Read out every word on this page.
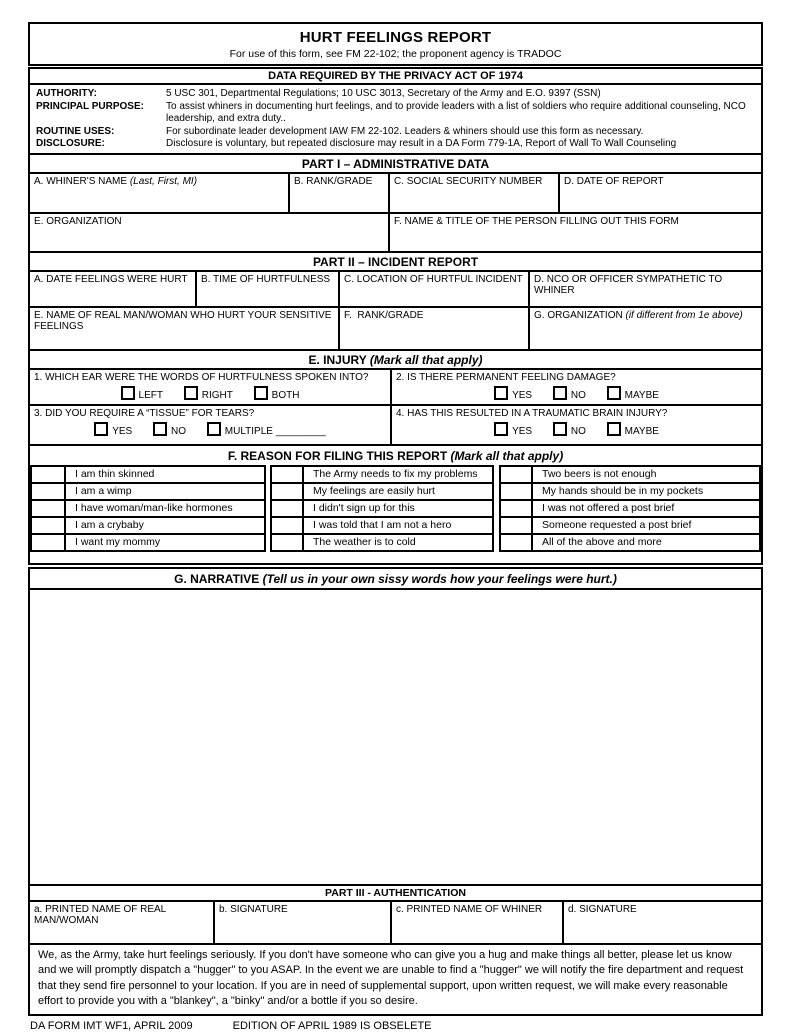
HURT FEELINGS REPORT
For use of this form, see FM 22-102; the proponent agency is TRADOC
DATA REQUIRED BY THE PRIVACY ACT OF 1974
AUTHORITY:	5 USC 301, Departmental Regulations; 10 USC 3013, Secretary of the Army and E.O. 9397 (SSN)
PRINCIPAL PURPOSE:	To assist whiners in documenting hurt feelings, and to provide leaders with a list of soldiers who require additional counseling, NCO leadership, and extra duty..
ROUTINE USES:	For subordinate leader development IAW FM 22-102. Leaders & whiners should use this form as necessary.
DISCLOSURE:	Disclosure is voluntary, but repeated disclosure may result in a DA Form 779-1A, Report of Wall To Wall Counseling
PART I – ADMINISTRATIVE DATA
A. WHINER'S NAME (Last, First, MI)	B. RANK/GRADE	C. SOCIAL SECURITY NUMBER	D. DATE OF REPORT
E. ORGANIZATION	F. NAME & TITLE OF THE PERSON FILLING OUT THIS FORM
PART II – INCIDENT REPORT
A. DATE FEELINGS WERE HURT	B. TIME OF HURTFULNESS	C. LOCATION OF HURTFUL INCIDENT	D. NCO OR OFFICER SYMPATHETIC TO WHINER
E. NAME OF REAL MAN/WOMAN WHO HURT YOUR SENSITIVE FEELINGS
F.  RANK/GRADE	G. ORGANIZATION (if different from 1e above)
E. INJURY (Mark all that apply)
1. WHICH EAR WERE THE WORDS OF HURTFULNESS SPOKEN INTO?
LEFT	RIGHT	BOTH
2. IS THERE PERMANENT FEELING DAMAGE?
YES	NO	MAYBE
3. DID YOU REQUIRE A “TISSUE” FOR TEARS?
YES	NO	MULTIPLE _________
4. HAS THIS RESULTED IN A TRAUMATIC BRAIN INJURY?
YES	NO	MAYBE
F. REASON FOR FILING THIS REPORT (Mark all that apply)
I am thin skinned	The Army needs to fix my problems	Two beers is not enough
I am a wimp	My feelings are easily hurt	My hands should be in my pockets
I have woman/man-like hormones	I didn't sign up for this	I was not offered a post brief
I am a crybaby	I was told that I am not a hero	Someone requested a post brief
I want my mommy	The weather is to cold	All of the above and more
G. NARRATIVE (Tell us in your own sissy words how your feelings were hurt.)
PART III - AUTHENTICATION
a. PRINTED NAME OF REAL MAN/WOMAN
b. SIGNATURE	c. PRINTED NAME OF WHINER	d. SIGNATURE
We, as the Army, take hurt feelings seriously. If you don't have someone who can give you a hug and make things all better, please let us know and we will promptly dispatch a "hugger" to you ASAP. In the event we are unable to find a "hugger" we will notify the fire department and request that they send fire personnel to your location. If you are in need of supplemental support, upon written request, we will make every reasonable effort to provide you with a "blankey", a "binky" and/or a bottle if you so desire.
DA FORM IMT WF1, APRIL 2009	EDITION OF APRIL 1989 IS OBSELETE
